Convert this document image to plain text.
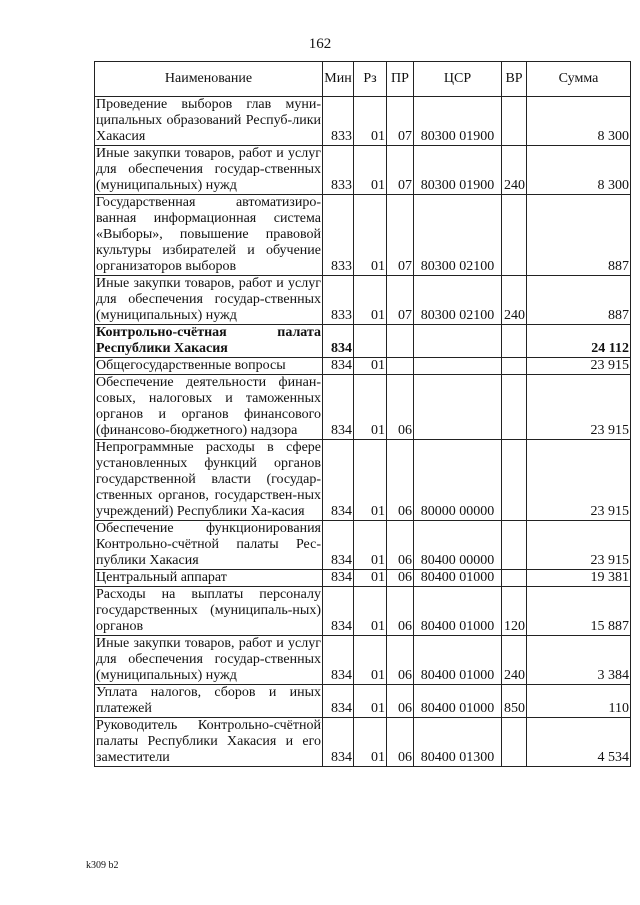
162
Наименование	Мин	Рз	ПР	ЦСР	ВР	Сумма
Проведение выборов глав муни-ципальных образований Респуб-лики Хакасия	833	01	07	80300 01900		8 300
Иные закупки товаров, работ и услуг для обеспечения государ-ственных (муниципальных) нужд	833	01	07	80300 01900	240	8 300
Государственная автоматизиро-ванная информационная система «Выборы», повышение правовой культуры избирателей и обучение организаторов выборов	833	01	07	80300 02100		887
Иные закупки товаров, работ и услуг для обеспечения государ-ственных (муниципальных) нужд	833	01	07	80300 02100	240	887
Контрольно-счётная палата Республики Хакасия	834					24 112
Общегосударственные вопросы	834	01				23 915
Обеспечение деятельности финан-совых, налоговых и таможенных органов и органов финансового (финансово-бюджетного) надзора	834	01	06			23 915
Непрограммные расходы в сфере установленных функций органов государственной власти (государ-ственных органов, государствен-ных учреждений) Республики Ха-касия	834	01	06	80000 00000		23 915
Обеспечение функционирования Контрольно-счётной палаты Рес-публики Хакасия	834	01	06	80400 00000		23 915
Центральный аппарат	834	01	06	80400 01000		19 381
Расходы на выплаты персоналу государственных (муниципаль-ных) органов	834	01	06	80400 01000	120	15 887
Иные закупки товаров, работ и услуг для обеспечения государ-ственных (муниципальных) нужд	834	01	06	80400 01000	240	3 384
Уплата налогов, сборов и иных платежей	834	01	06	80400 01000	850	110
Руководитель Контрольно-счётной палаты Республики Хакасия и его заместители	834	01	06	80400 01300		4 534
k309 b2
